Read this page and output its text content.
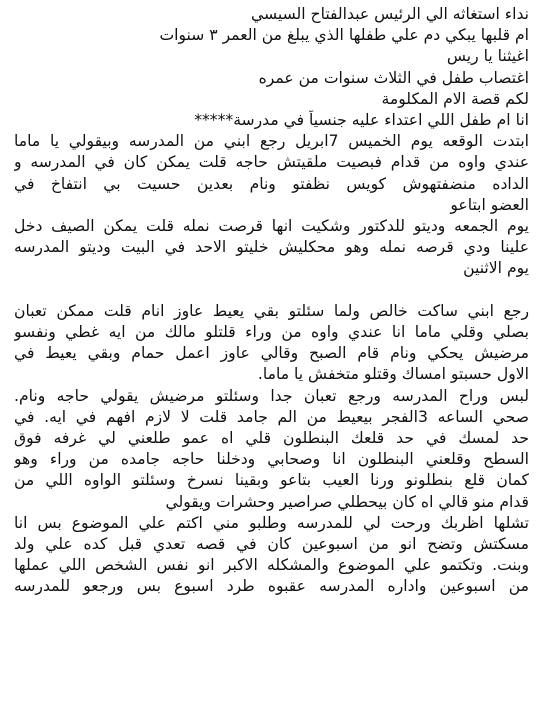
نداء استغاثه الي الرئيس عبدالفتاح السيسي
ام قلبها يبكي دم علي طفلها الذي يبلغ من العمر ٣ سنوات
اغيثنا يا ريس
اغتصاب طفل في الثلاث سنوات من عمره
لكم قصة الام المكلومة
انا ام طفل اللي اعتداء عليه جنسياً في مدرسة*****
ابتدت الوقعه يوم الخميس 7ابريل رجع ابني من المدرسه وبيقولي يا ماما
عندي واوه من قدام فبصيت ملقيتش حاجه قلت يمكن كان في المدرسه و
الداده منضفتهوش كويس نظفتو ونام بعدين حسيت بي انتفاخ في
العضو ابتاعو
يوم الجمعه وديتو للدكتور وشكيت انها قرصت نمله قلت يمكن الصيف دخل
علينا ودي قرصه نمله وهو محكليش خليتو الاحد في البيت وديتو المدرسه
يوم الاثنين
رجع ابني ساكت خالص ولما سئلتو بقي يعيط عاوز انام قلت ممكن تعبان
بصلي وقلي ماما انا عندي واوه من وراء قلتلو مالك من ايه غطي ونفسو
مرضيش يحكي ونام قام الصبح وقالي عاوز اعمل حمام وبقي يعيط في
الاول حسبتو امساك وقتلو متخفش يا ماما.
لبس وراح المدرسه ورجع تعبان جدا وسئلتو مرضيش يقولي حاجه ونام.
صحي الساعه 3الفجر بيعيط من الم جامد قلت لا لازم افهم في ايه. في
حد لمسك في حد قلعك البنطلون قلي اه عمو طلعني لي غرفه فوق
السطح وقلعني البنطلون انا وصحابي ودخلنا حاجه جامده من وراء وهو
كمان قلع بنطلونو ورنا العيب بتاعو وبقينا نسرخ وسئلتو الواوه اللي من
قدام منو قالي اه كان بيحطلي صراصير وحشرات ويقولي
تشلها اظربك ورحت لي للمدرسه وطلبو مني اكتم علي الموضوع بس انا
مسكتش وتضح انو من اسبوعين كان في قصه تعدي قبل كده علي ولد
وبنت. وتكتمو علي الموضوع والمشكله الاكبر انو نفس الشخص اللي عملها
من اسبوعين واداره المدرسه عقبوه طرد اسبوع بس ورجعو للمدرسه
